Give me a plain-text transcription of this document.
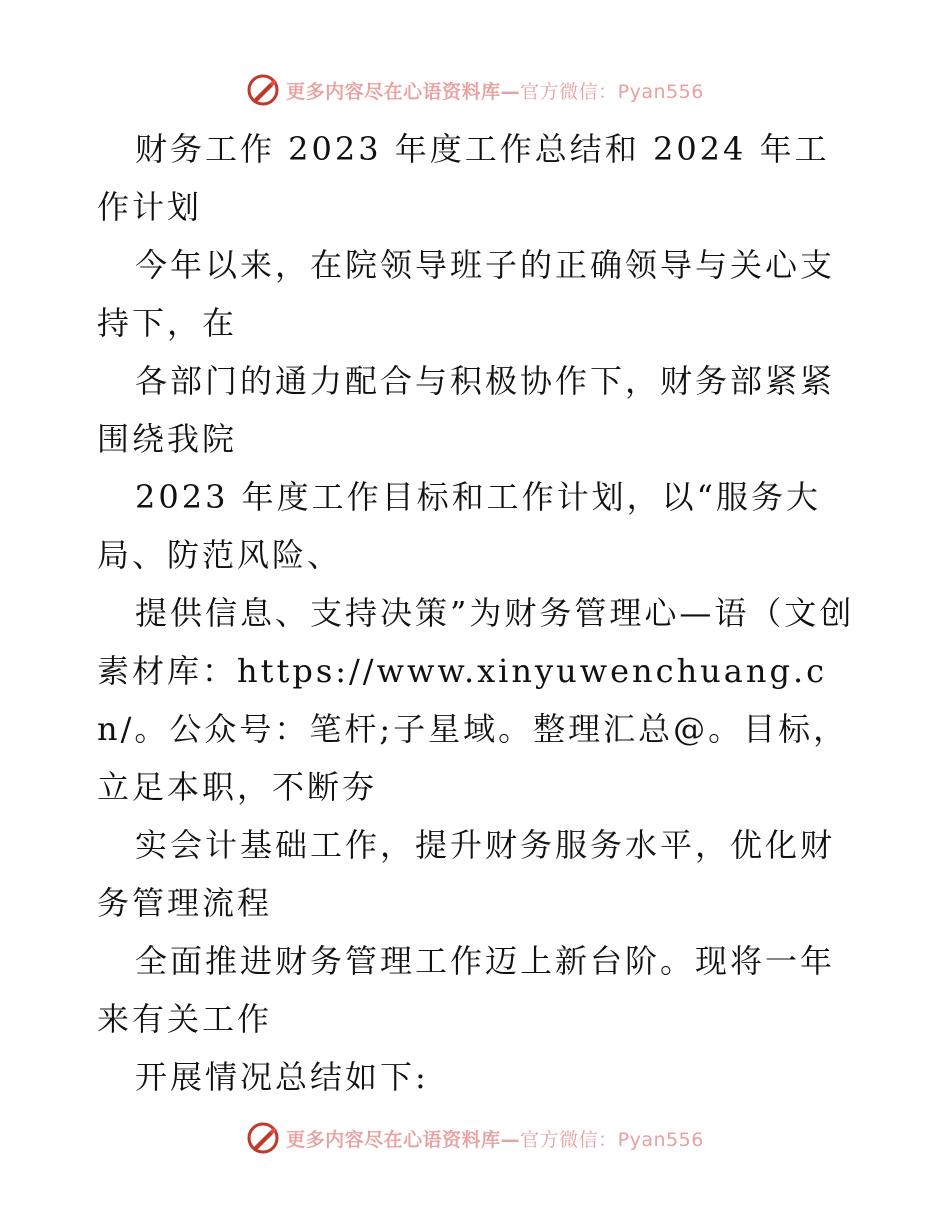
更多内容尽在心语资料库—官方微信：Pyan556

财务工作 2023 年度工作总结和 2024 年工作计划

今年以来，在院领导班子的正确领导与关心支持下，在

各部门的通力配合与积极协作下，财务部紧紧围绕我院

2023 年度工作目标和工作计划，以“服务大局、防范风险、

提供信息、支持决策”为财务管理心—语（文创素材库：https://www.xinyuwenchuang.cn/。公众号：笔杆;子星域。整理汇总@。目标，立足本职，不断夯

实会计基础工作，提升财务服务水平，优化财务管理流程

全面推进财务管理工作迈上新台阶。现将一年来有关工作

开展情况总结如下:

更多内容尽在心语资料库—官方微信：Pyan556
